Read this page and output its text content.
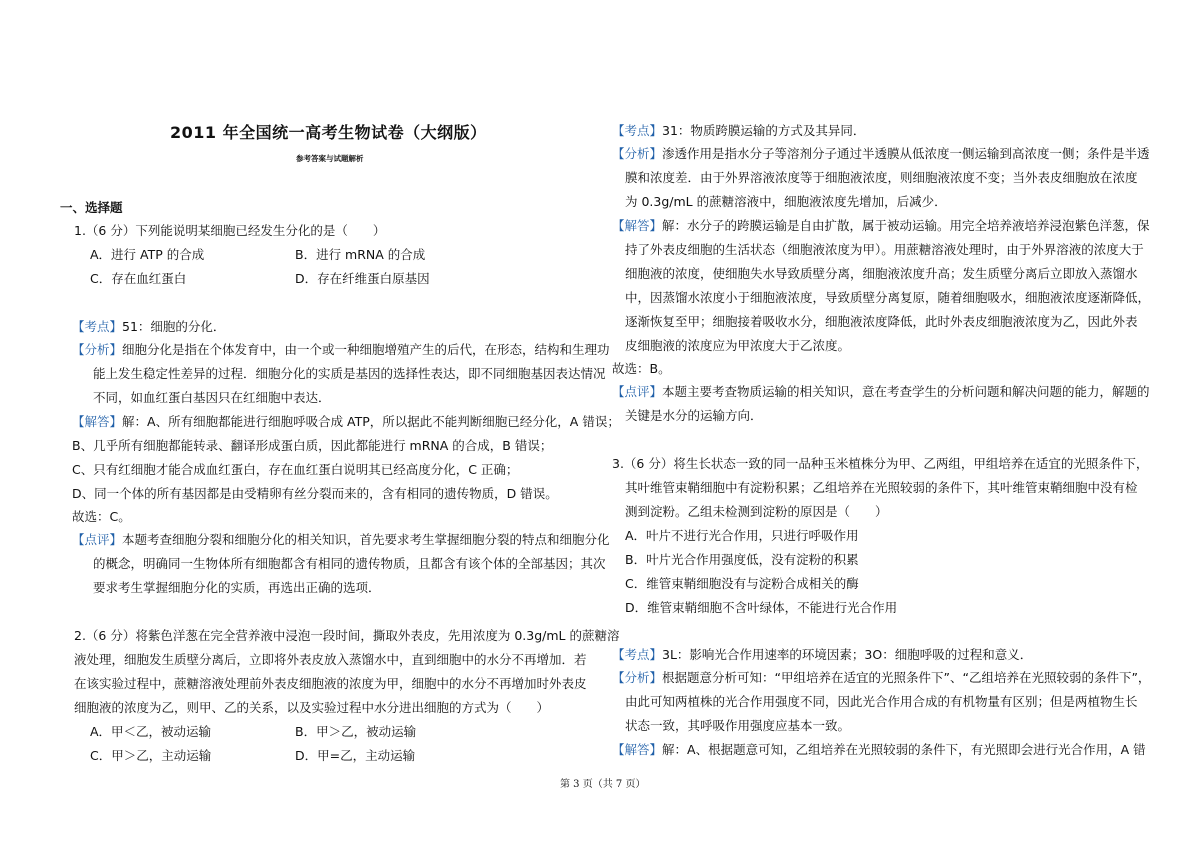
2011 年全国统一高考生物试卷（大纲版）
参考答案与试题解析
一、选择题
1.（6 分）下列能说明某细胞已经发生分化的是（　　）
A．进行 ATP 的合成	B．进行 mRNA 的合成
C．存在血红蛋白	D．存在纤维蛋白原基因
【考点】51：细胞的分化．
【分析】细胞分化是指在个体发育中，由一个或一种细胞增殖产生的后代，在形态，结构和生理功
能上发生稳定性差异的过程．细胞分化的实质是基因的选择性表达，即不同细胞基因表达情况
不同，如血红蛋白基因只在红细胞中表达．
【解答】解：A、所有细胞都能进行细胞呼吸合成 ATP，所以据此不能判断细胞已经分化，A 错误；
B、几乎所有细胞都能转录、翻译形成蛋白质，因此都能进行 mRNA 的合成，B 错误；
C、只有红细胞才能合成血红蛋白，存在血红蛋白说明其已经高度分化，C 正确；
D、同一个体的所有基因都是由受精卵有丝分裂而来的，含有相同的遗传物质，D 错误。
故选：C。
【点评】本题考查细胞分裂和细胞分化的相关知识，首先要求考生掌握细胞分裂的特点和细胞分化
的概念，明确同一生物体所有细胞都含有相同的遗传物质，且都含有该个体的全部基因；其次
要求考生掌握细胞分化的实质，再选出正确的选项．
2.（6 分）将紫色洋葱在完全营养液中浸泡一段时间，撕取外表皮，先用浓度为 0.3g/mL 的蔗糖溶
液处理，细胞发生质壁分离后，立即将外表皮放入蒸馏水中，直到细胞中的水分不再增加．若
在该实验过程中，蔗糖溶液处理前外表皮细胞液的浓度为甲，细胞中的水分不再增加时外表皮
细胞液的浓度为乙，则甲、乙的关系，以及实验过程中水分进出细胞的方式为（　　）
A．甲＜乙，被动运输	B．甲＞乙，被动运输
C．甲＞乙，主动运输	D．甲=乙，主动运输
【考点】31：物质跨膜运输的方式及其异同．
【分析】渗透作用是指水分子等溶剂分子通过半透膜从低浓度一侧运输到高浓度一侧；条件是半透
膜和浓度差．由于外界溶液浓度等于细胞液浓度，则细胞液浓度不变；当外表皮细胞放在浓度
为 0.3g/mL 的蔗糖溶液中，细胞液浓度先增加，后减少．
【解答】解：水分子的跨膜运输是自由扩散，属于被动运输。用完全培养液培养浸泡紫色洋葱，保
持了外表皮细胞的生活状态（细胞液浓度为甲）。用蔗糖溶液处理时，由于外界溶液的浓度大于
细胞液的浓度，使细胞失水导致质壁分离，细胞液浓度升高；发生质壁分离后立即放入蒸馏水
中，因蒸馏水浓度小于细胞液浓度，导致质壁分离复原，随着细胞吸水，细胞液浓度逐渐降低，
逐渐恢复至甲；细胞接着吸收水分，细胞液浓度降低，此时外表皮细胞液浓度为乙，因此外表
皮细胞液的浓度应为甲浓度大于乙浓度。
故选：B。
【点评】本题主要考查物质运输的相关知识，意在考查学生的分析问题和解决问题的能力，解题的
关键是水分的运输方向．
3.（6 分）将生长状态一致的同一品种玉米植株分为甲、乙两组，甲组培养在适宜的光照条件下，
其叶维管束鞘细胞中有淀粉积累；乙组培养在光照较弱的条件下，其叶维管束鞘细胞中没有检
测到淀粉。乙组未检测到淀粉的原因是（　　）
A．叶片不进行光合作用，只进行呼吸作用
B．叶片光合作用强度低，没有淀粉的积累
C．维管束鞘细胞没有与淀粉合成相关的酶
D．维管束鞘细胞不含叶绿体，不能进行光合作用
【考点】3L：影响光合作用速率的环境因素；3O：细胞呼吸的过程和意义．
【分析】根据题意分析可知：“甲组培养在适宜的光照条件下”、“乙组培养在光照较弱的条件下”，
由此可知两植株的光合作用强度不同，因此光合作用合成的有机物量有区别；但是两植物生长
状态一致，其呼吸作用强度应基本一致。
【解答】解：A、根据题意可知，乙组培养在光照较弱的条件下，有光照即会进行光合作用，A 错
第 3 页（共 7 页）
